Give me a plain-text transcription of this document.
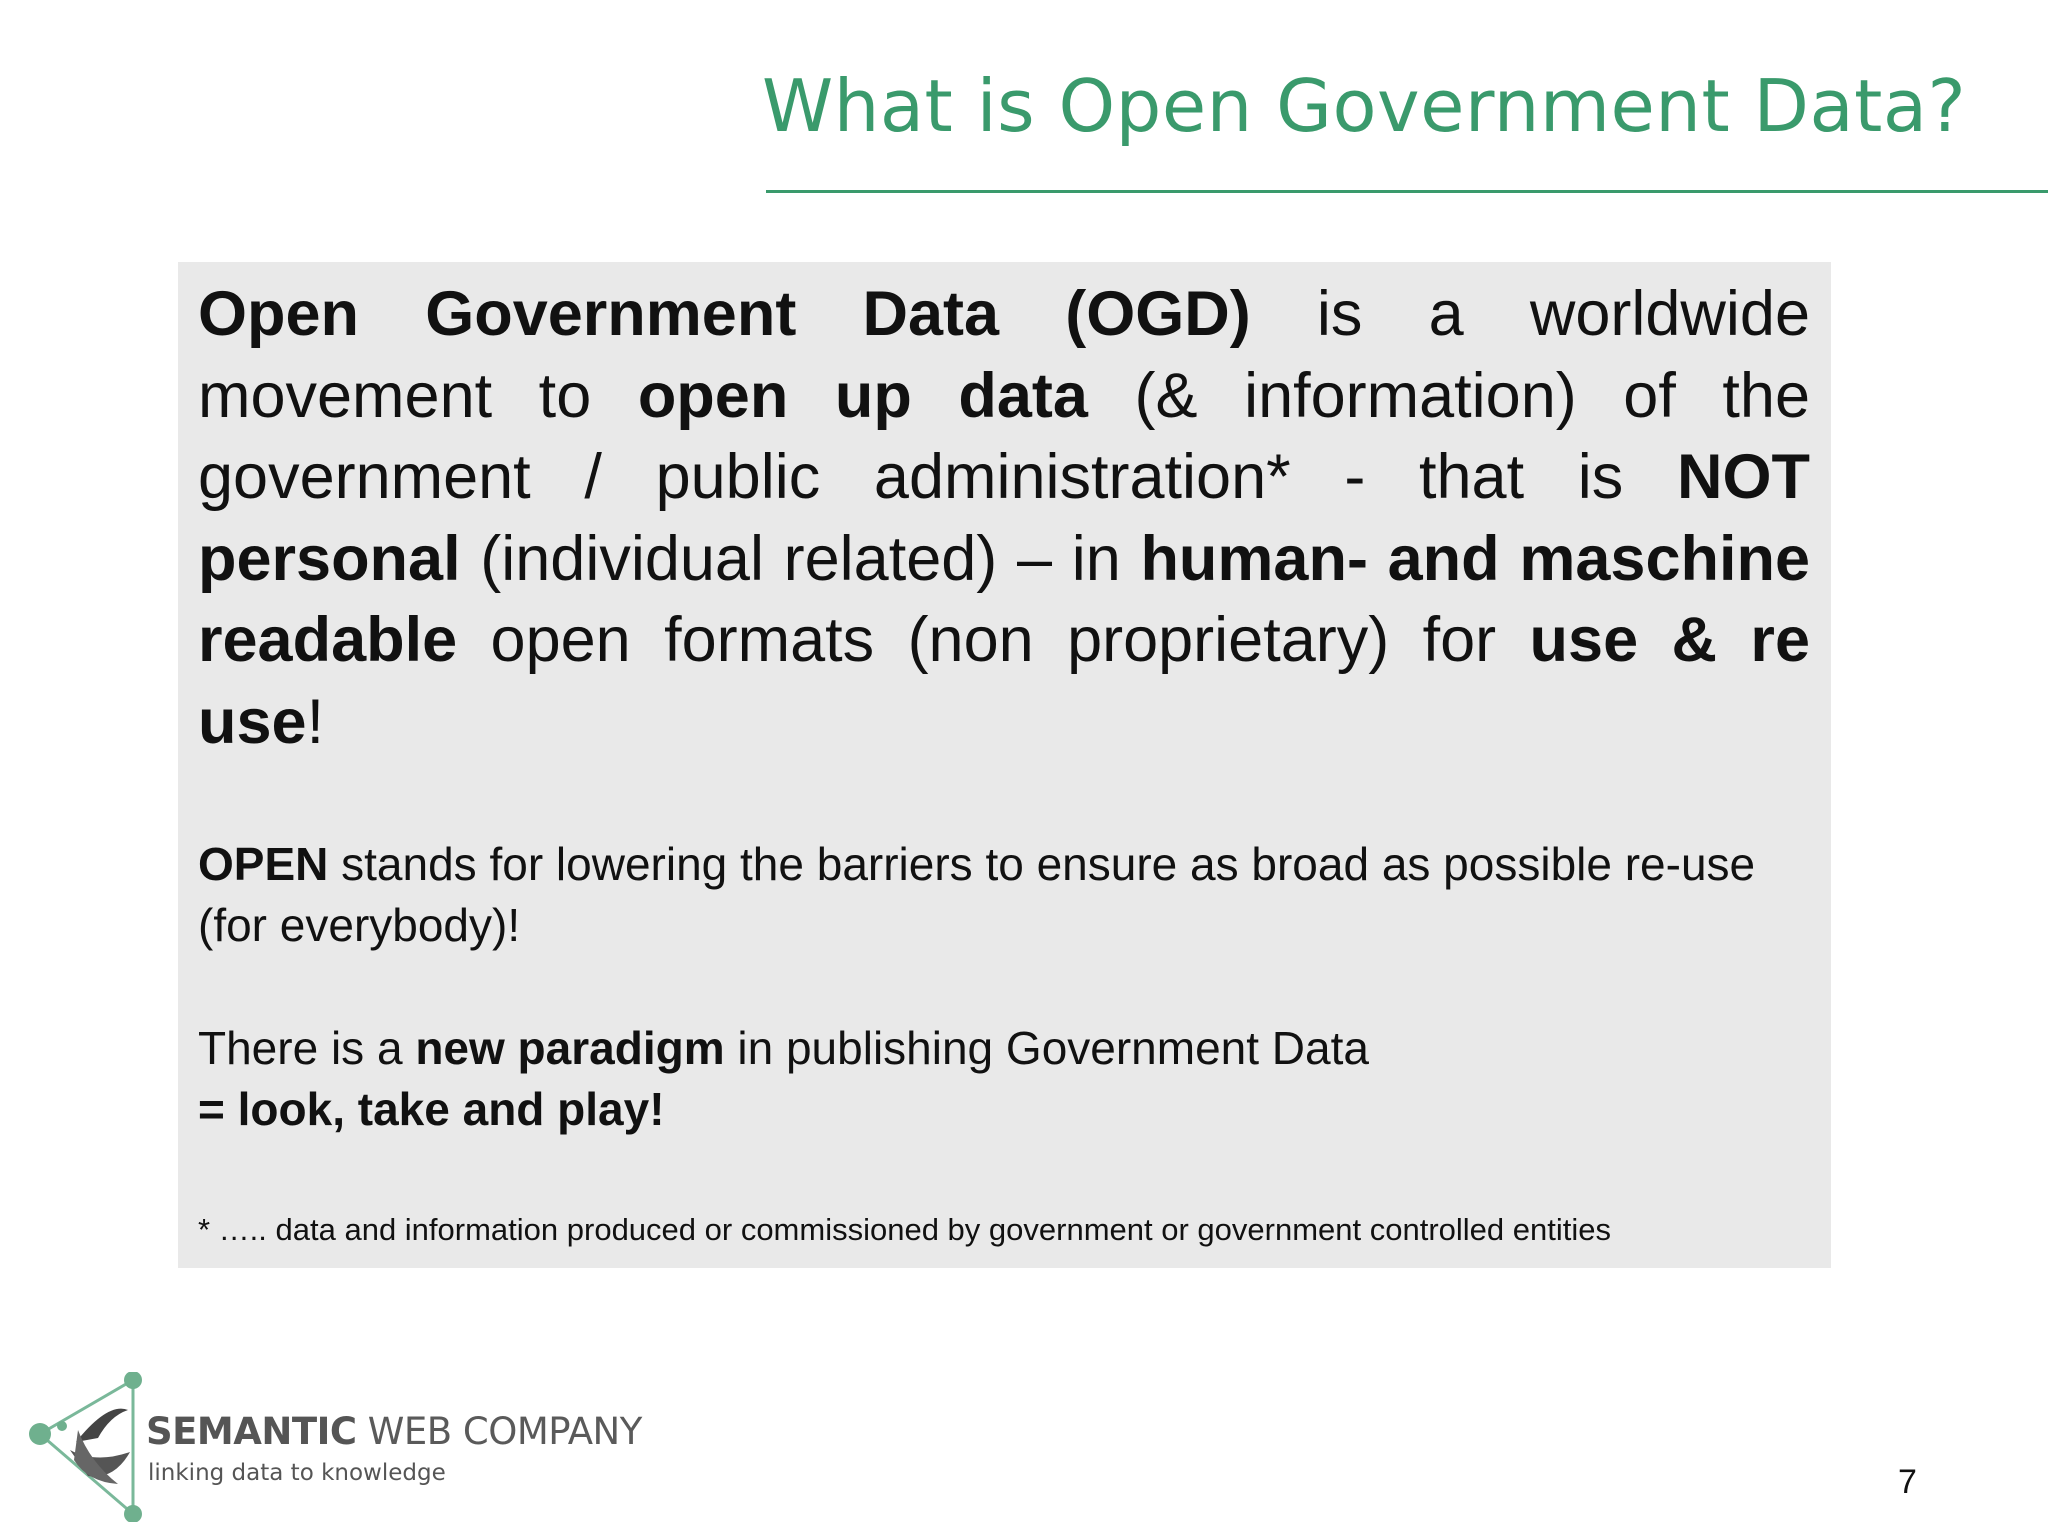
What is Open Government Data?
Open Government Data (OGD) is a worldwide movement to open up data (& information) of the government / public administration* - that is NOT personal (individual related) – in human- and maschine readable open formats (non proprietary) for use & re use!
OPEN stands for lowering the barriers to ensure as broad as possible re-use (for everybody)!
There is a new paradigm in publishing Government Data
= look, take and play!
* ….. data and information produced or commissioned by government or government controlled entities
SEMANTIC WEB COMPANY
linking data to knowledge	7
